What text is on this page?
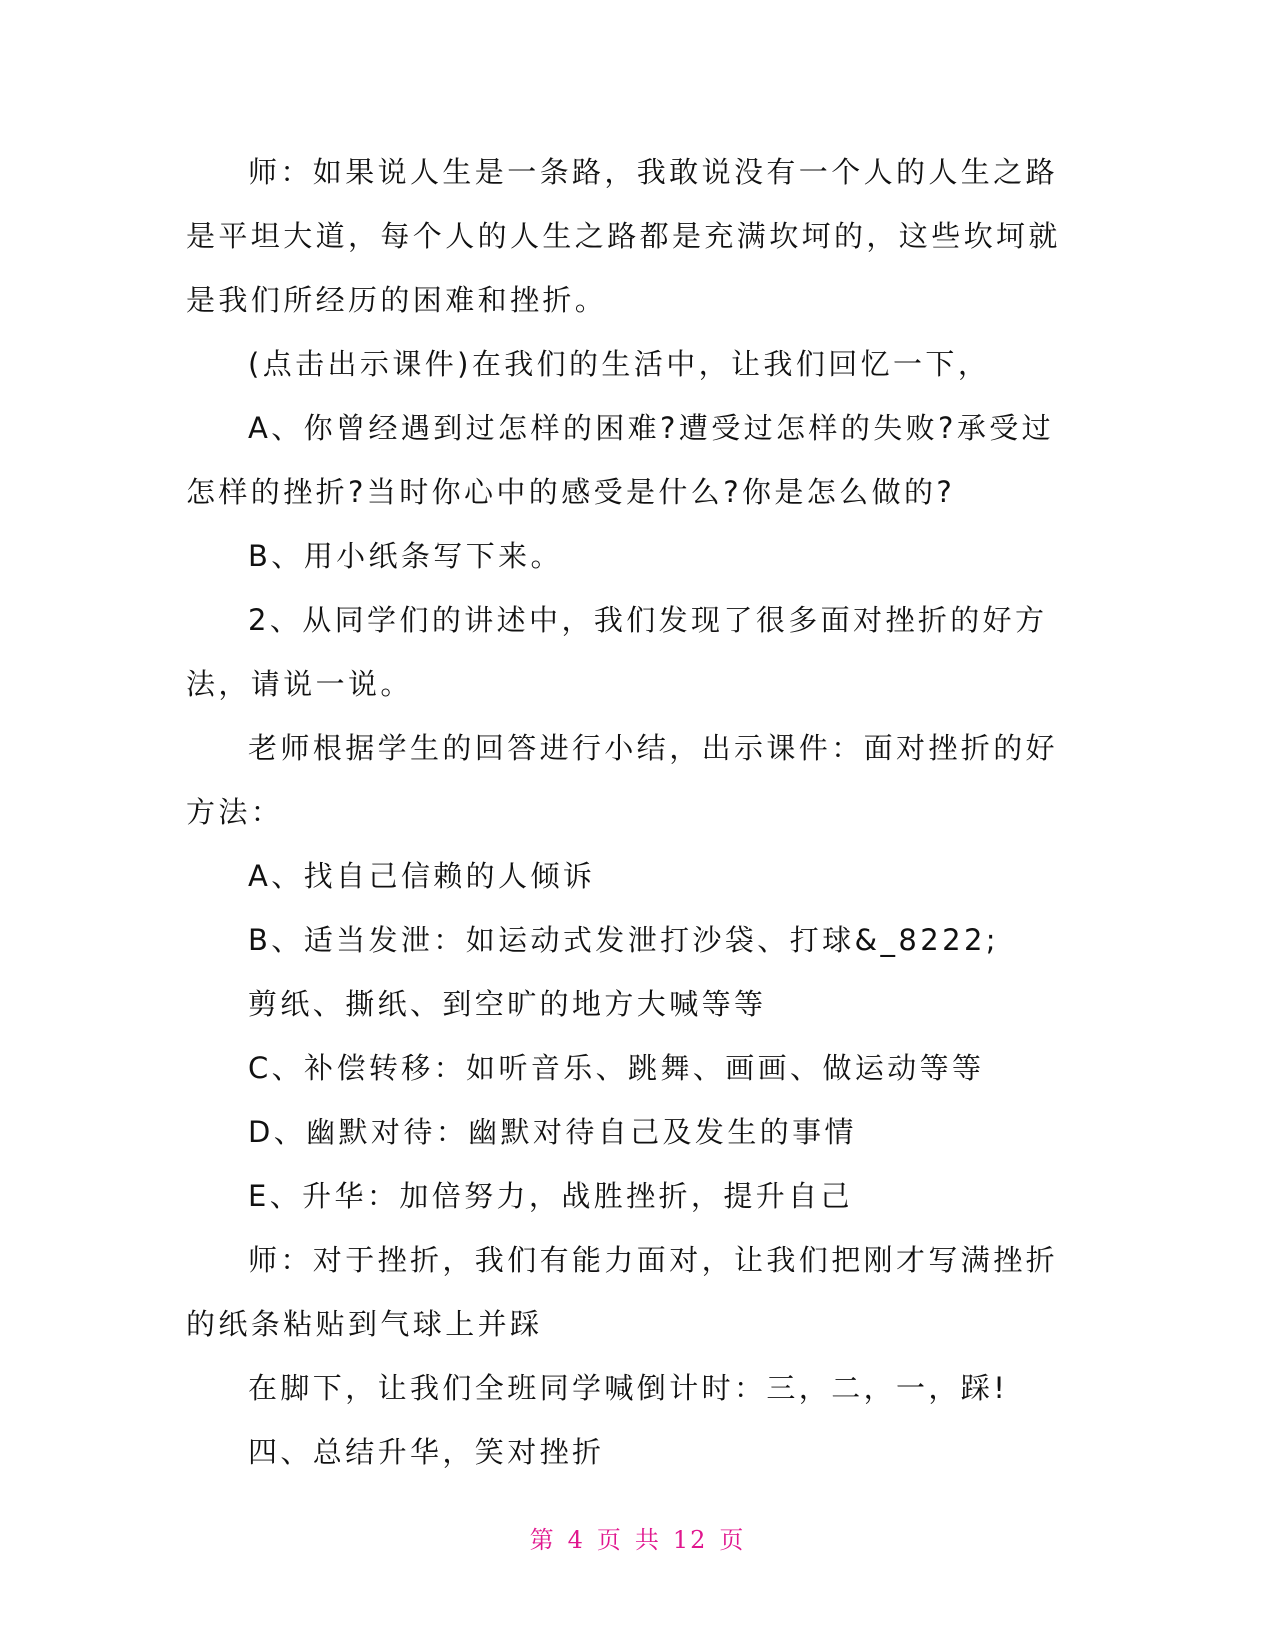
师：如果说人生是一条路，我敢说没有一个人的人生之路是平坦大道，每个人的人生之路都是充满坎坷的，这些坎坷就是我们所经历的困难和挫折。

(点击出示课件)在我们的生活中，让我们回忆一下，

A、你曾经遇到过怎样的困难?遭受过怎样的失败?承受过怎样的挫折?当时你心中的感受是什么?你是怎么做的?

B、用小纸条写下来。

2、从同学们的讲述中，我们发现了很多面对挫折的好方法，请说一说。

老师根据学生的回答进行小结，出示课件：面对挫折的好方法：

A、找自己信赖的人倾诉

B、适当发泄：如运动式发泄打沙袋、打球&_8222;

剪纸、撕纸、到空旷的地方大喊等等

C、补偿转移：如听音乐、跳舞、画画、做运动等等

D、幽默对待：幽默对待自己及发生的事情

E、升华：加倍努力，战胜挫折，提升自己

师：对于挫折，我们有能力面对，让我们把刚才写满挫折的纸条粘贴到气球上并踩

在脚下，让我们全班同学喊倒计时：三，二，一，踩!

四、总结升华，笑对挫折

第 4 页 共 12 页
